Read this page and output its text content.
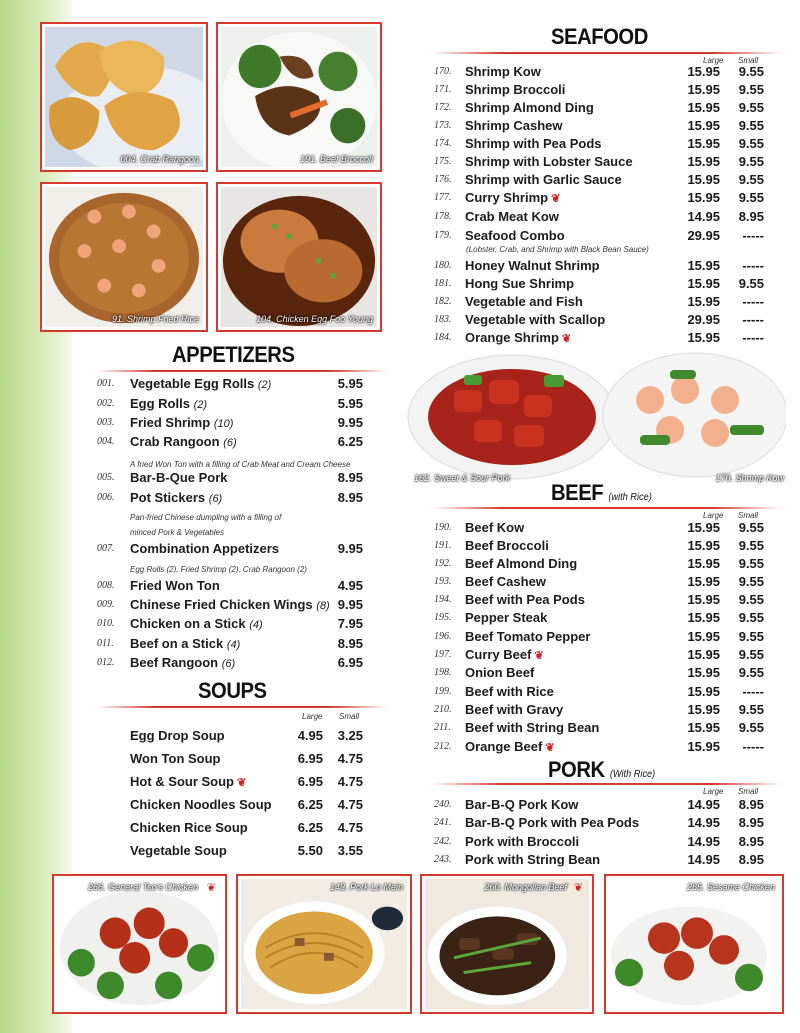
004. Crab Rangoon	191. Beef Broccoli
91. Shrimp Fried Rice	104. Chicken Egg Foo Young
SEAFOOD
Large Small
170. Shrimp Kow	15.95 9.55
171. Shrimp Broccoli	15.95 9.55
172. Shrimp Almond Ding	15.95 9.55
173. Shrimp Cashew	15.95 9.55
174. Shrimp with Pea Pods	15.95 9.55
175. Shrimp with Lobster Sauce	15.95 9.55
176. Shrimp with Garlic Sauce	15.95 9.55
177. Curry Shrimp ❦	15.95 9.55
178. Crab Meat Kow	14.95 8.95
179. Seafood Combo	29.95 -----
180. Honey Walnut Shrimp	15.95 -----
181. Hong Sue Shrimp	15.95 9.55
182. Vegetable and Fish	15.95 -----
183. Vegetable with Scallop	29.95 -----
184. Orange Shrimp ❦	15.95 -----
(Lobster, Crab, and Shrimp with Black Bean Sauce)
162. Sweet & Sour Pork	170. Shrimp Kow
APPETIZERS
001. Vegetable Egg Rolls (2)	5.95
002. Egg Rolls (2)	5.95
003. Fried Shrimp (10)	9.95
004. Crab Rangoon (6)	6.25
005. Bar-B-Que Pork	8.95
006. Pot Stickers (6)	8.95
007. Combination Appetizers	9.95
008. Fried Won Ton	4.95
009. Chinese Fried Chicken Wings (8) 9.95
010. Chicken on a Stick (4)	7.95
011. Beef on a Stick (4)	8.95
012. Beef Rangoon (6)	6.95
A fried Won Ton with a filling of Crab Meat and Cream Cheese
Pan-fried Chinese dumpling with a filling of
minced Pork & Vegetables
Egg Rolls (2), Fried Shrimp (2), Crab Rangoon (2)
SOUPS
Large Small
Egg Drop Soup	4.95 3.25
Won Ton Soup	6.95 4.75
Hot & Sour Soup ❦	6.95 4.75
Chicken Noodles Soup 6.25 4.75
Chicken Rice Soup	6.25 4.75
Vegetable Soup	5.50 3.55
BEEF (with Rice)
Large Small
190. Beef Kow	15.95 9.55
191. Beef Broccoli	15.95 9.55
192. Beef Almond Ding	15.95 9.55
193. Beef Cashew	15.95 9.55
194. Beef with Pea Pods	15.95 9.55
195. Pepper Steak	15.95 9.55
196. Beef Tomato Pepper	15.95 9.55
197. Curry Beef ❦	15.95 9.55
198. Onion Beef	15.95 9.55
199. Beef with Rice	15.95 -----
210. Beef with Gravy	15.95 9.55
211. Beef with String Bean	15.95 9.55
212. Orange Beef ❦	15.95 -----
PORK (With Rice)
Large Small
240. Bar-B-Q Pork Kow	14.95 8.95
241. Bar-B-Q Pork with Pea Pods	14.95 8.95
242. Pork with Broccoli	14.95 8.95
243. Pork with String Bean	14.95 8.95
266. General Tso's Chicken ❦	143. Pork Lo Mein	260. Mongolian Beef ❦	265. Sesame Chicken
